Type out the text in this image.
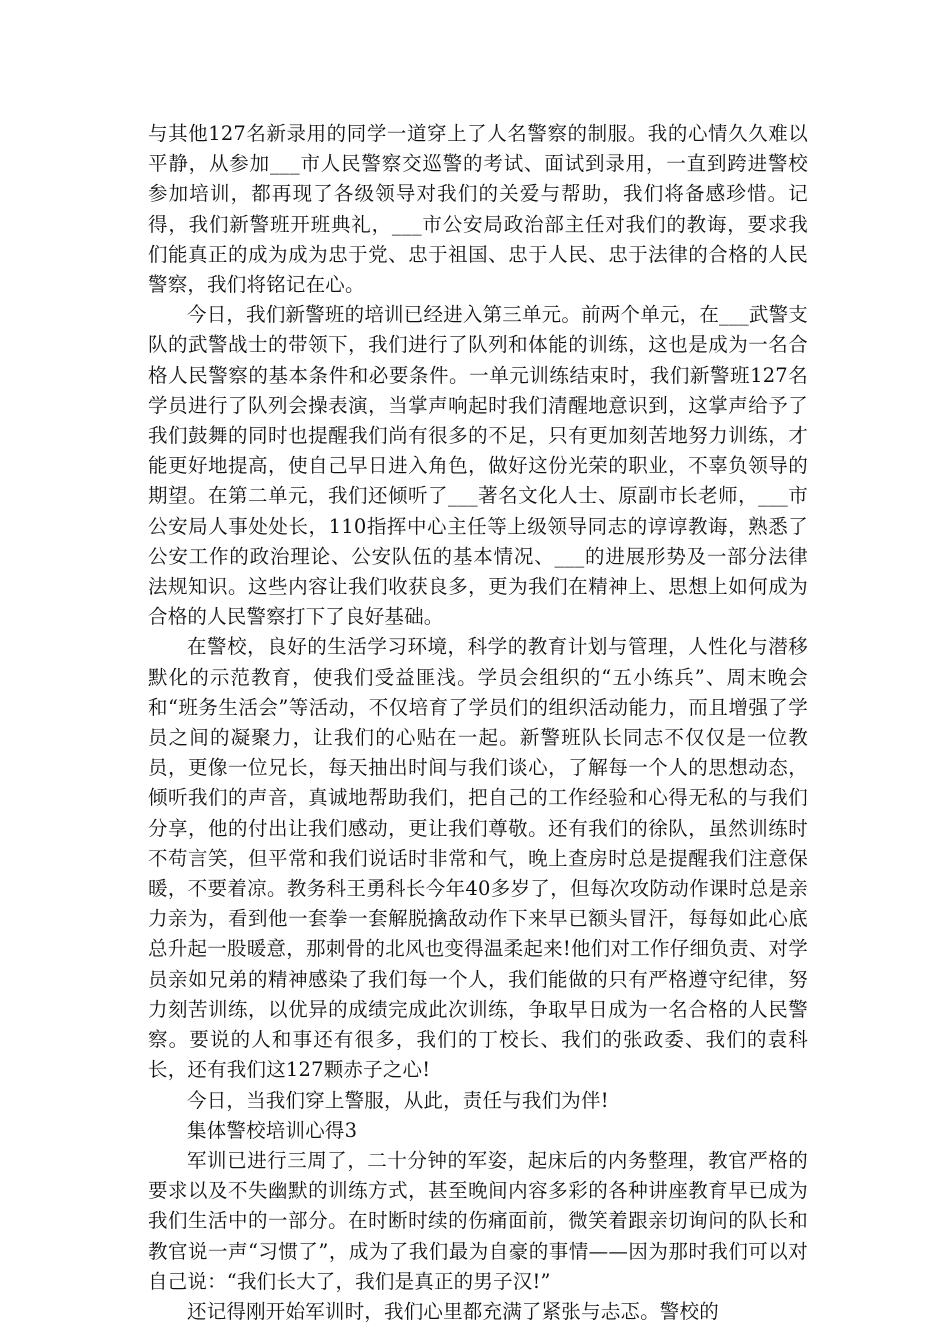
与其他127名新录用的同学一道穿上了人名警察的制服。我的心情久久难以平静，从参加___市人民警察交巡警的考试、面试到录用，一直到跨进警校参加培训，都再现了各级领导对我们的关爱与帮助，我们将备感珍惜。记得，我们新警班开班典礼，___市公安局政治部主任对我们的教诲，要求我们能真正的成为成为忠于党、忠于祖国、忠于人民、忠于法律的合格的人民警察，我们将铭记在心。

今日，我们新警班的培训已经进入第三单元。前两个单元，在___武警支队的武警战士的带领下，我们进行了队列和体能的训练，这也是成为一名合格人民警察的基本条件和必要条件。一单元训练结束时，我们新警班127名学员进行了队列会操表演，当掌声响起时我们清醒地意识到，这掌声给予了我们鼓舞的同时也提醒我们尚有很多的不足，只有更加刻苦地努力训练，才能更好地提高，使自己早日进入角色，做好这份光荣的职业，不辜负领导的期望。在第二单元，我们还倾听了___著名文化人士、原副市长老师，___市公安局人事处处长，110指挥中心主任等上级领导同志的谆谆教诲，熟悉了公安工作的政治理论、公安队伍的基本情况、___的进展形势及一部分法律法规知识。这些内容让我们收获良多，更为我们在精神上、思想上如何成为合格的人民警察打下了良好基础。

在警校，良好的生活学习环境，科学的教育计划与管理，人性化与潜移默化的示范教育，使我们受益匪浅。学员会组织的“五小练兵”、周末晚会和“班务生活会”等活动，不仅培育了学员们的组织活动能力，而且增强了学员之间的凝聚力，让我们的心贴在一起。新警班队长同志不仅仅是一位教员，更像一位兄长，每天抽出时间与我们谈心，了解每一个人的思想动态，倾听我们的声音，真诚地帮助我们，把自己的工作经验和心得无私的与我们分享，他的付出让我们感动，更让我们尊敬。还有我们的徐队，虽然训练时不苟言笑，但平常和我们说话时非常和气，晚上查房时总是提醒我们注意保暖，不要着凉。教务科王勇科长今年40多岁了，但每次攻防动作课时总是亲力亲为，看到他一套拳一套解脱擒敌动作下来早已额头冒汗，每每如此心底总升起一股暖意，那刺骨的北风也变得温柔起来!他们对工作仔细负责、对学员亲如兄弟的精神感染了我们每一个人，我们能做的只有严格遵守纪律，努力刻苦训练，以优异的成绩完成此次训练，争取早日成为一名合格的人民警察。要说的人和事还有很多，我们的丁校长、我们的张政委、我们的袁科长，还有我们这127颗赤子之心!

今日，当我们穿上警服，从此，责任与我们为伴!

集体警校培训心得3

军训已进行三周了，二十分钟的军姿，起床后的内务整理，教官严格的要求以及不失幽默的训练方式，甚至晚间内容多彩的各种讲座教育早已成为我们生活中的一部分。在时断时续的伤痛面前，微笑着跟亲切询问的队长和教官说一声“习惯了”，成为了我们最为自豪的事情——因为那时我们可以对自己说：“我们长大了，我们是真正的男子汉!”

还记得刚开始军训时，我们心里都充满了紧张与忐忑。警校的
